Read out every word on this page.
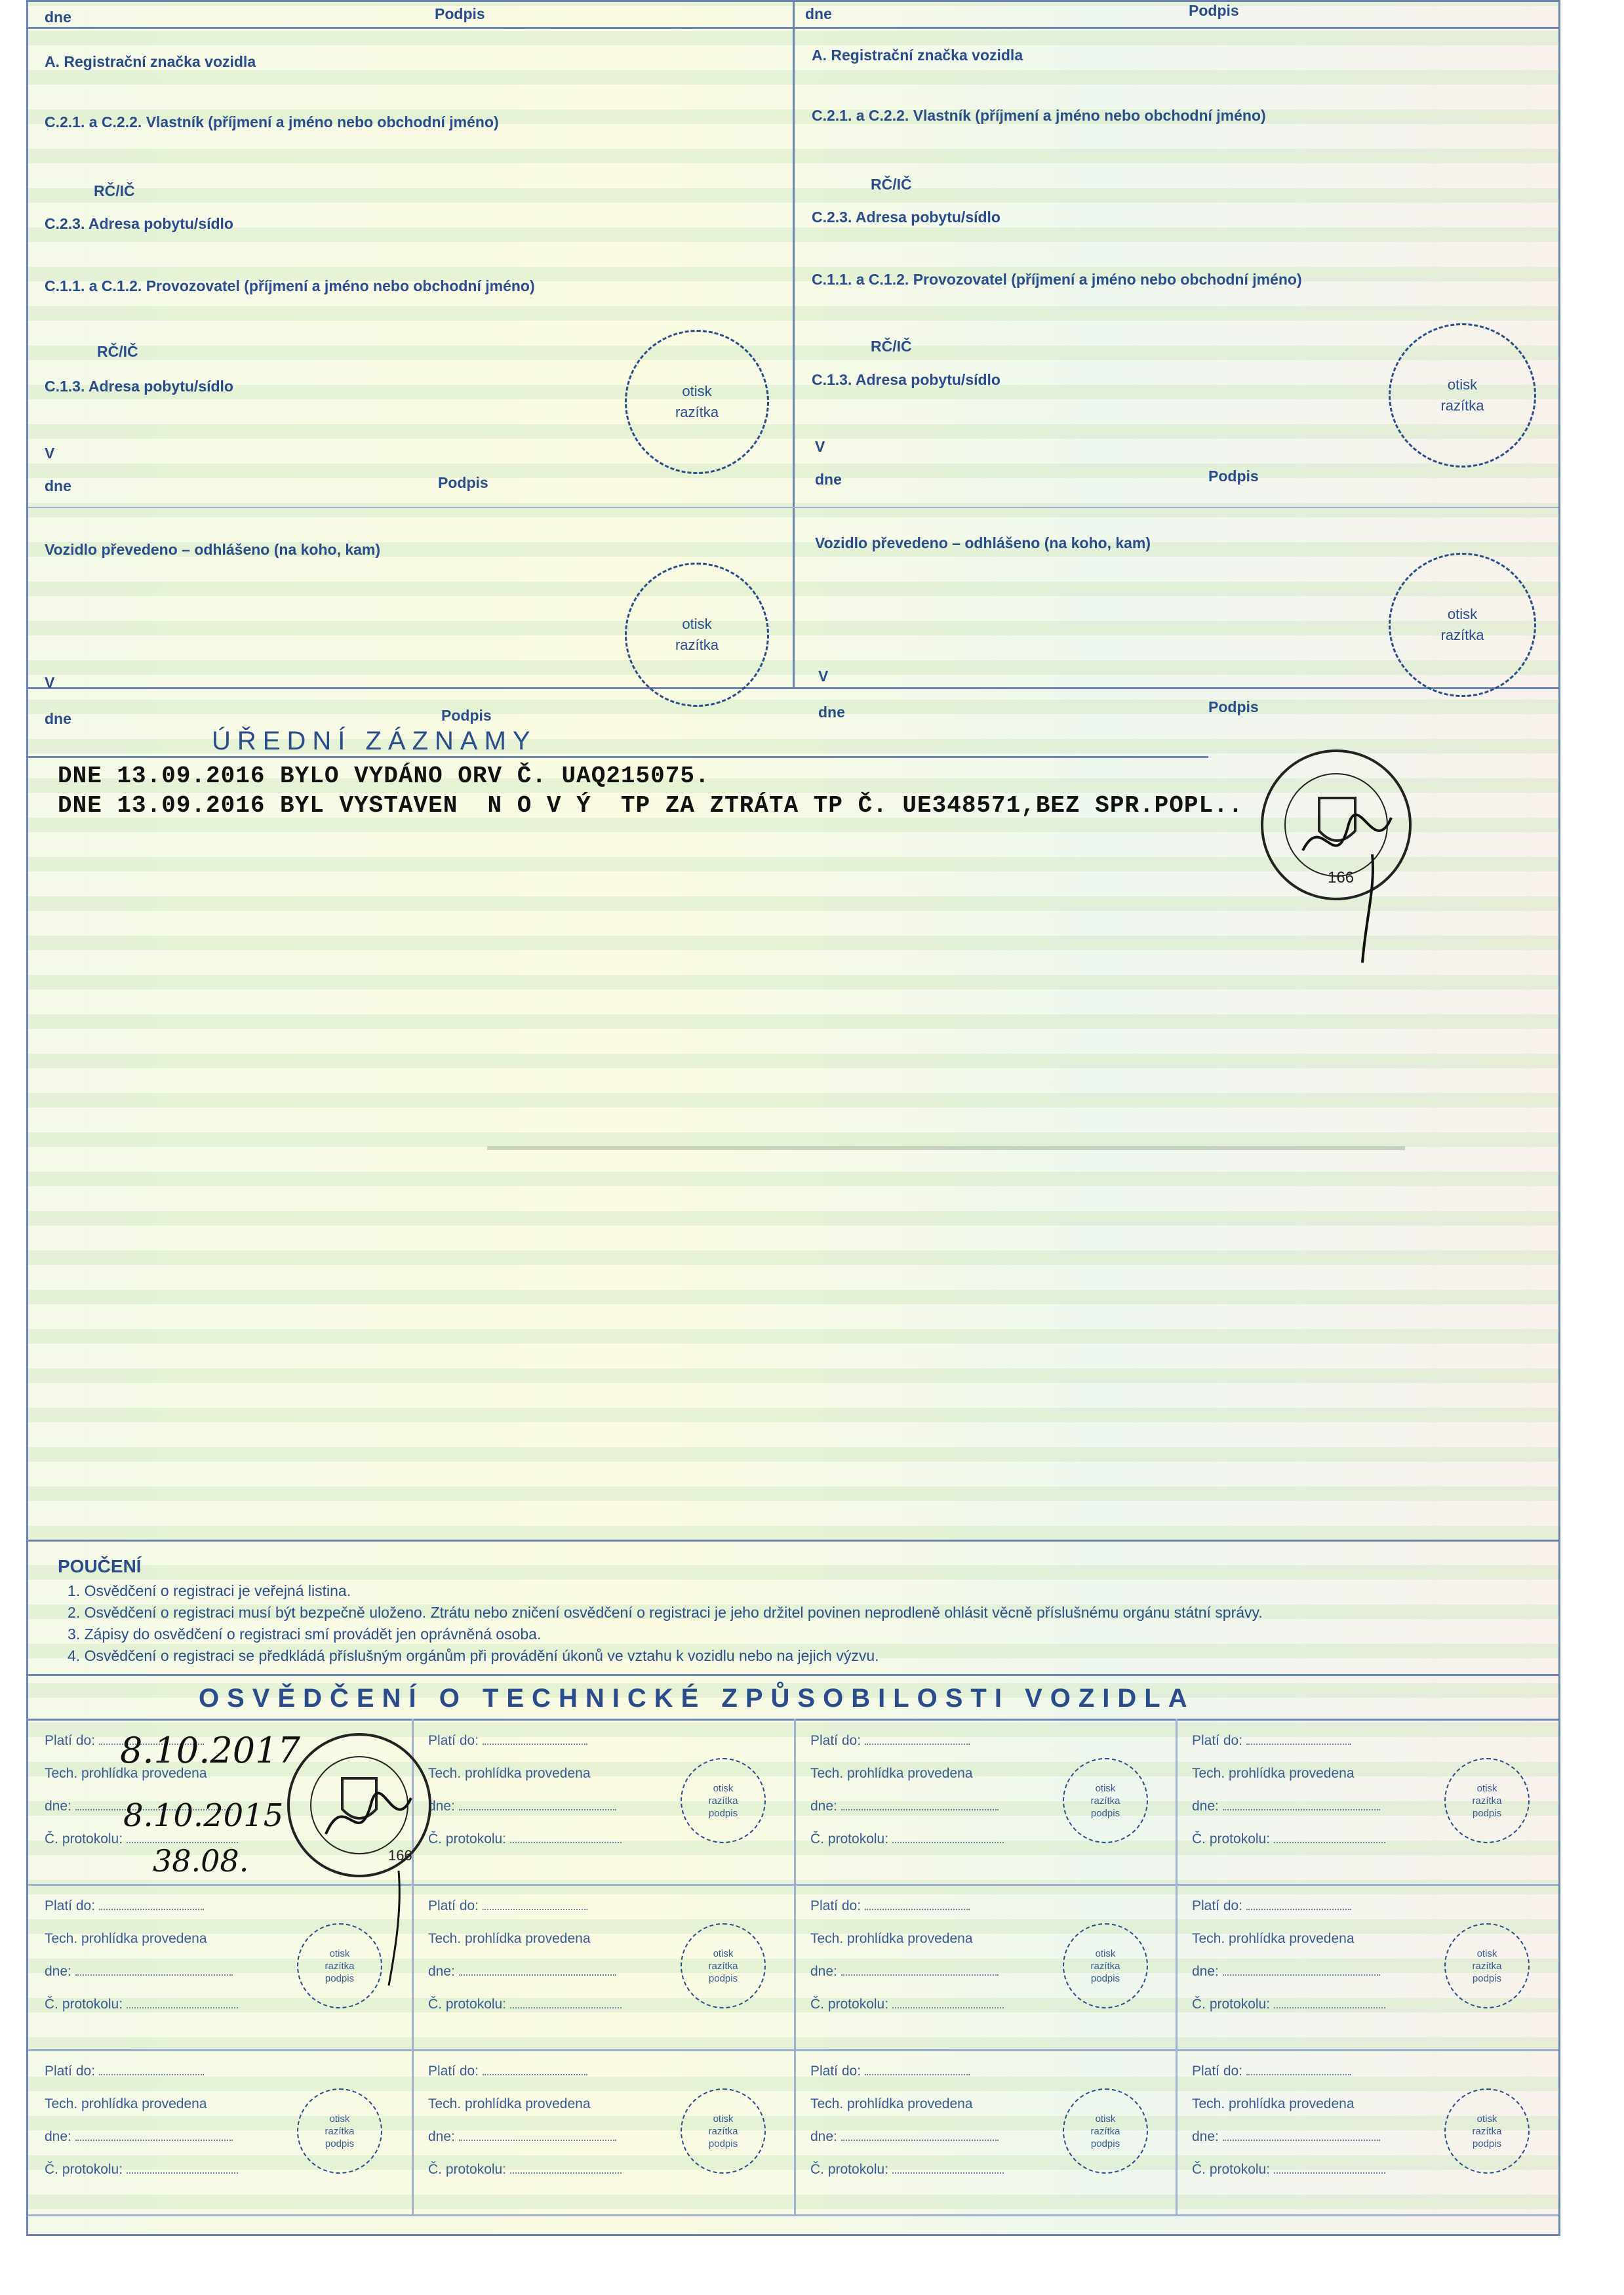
dne	Podpis	dne	Podpis
A. Registrační značka vozidla
C.2.1. a C.2.2. Vlastník (příjmení a jméno nebo obchodní jméno)
RČ/IČ
C.2.3. Adresa pobytu/sídlo
C.1.1. a C.1.2. Provozovatel (příjmení a jméno nebo obchodní jméno)
RČ/IČ
C.1.3. Adresa pobytu/sídlo
V
dne	Podpis
otisk
razítka
Vozidlo převedeno – odhlášeno (na koho, kam)
V
dne	Podpis
otisk
razítka
A. Registrační značka vozidla
C.2.1. a C.2.2. Vlastník (příjmení a jméno nebo obchodní jméno)
RČ/IČ
C.2.3. Adresa pobytu/sídlo
C.1.1. a C.1.2. Provozovatel (příjmení a jméno nebo obchodní jméno)
RČ/IČ
C.1.3. Adresa pobytu/sídlo
V
dne	Podpis
otisk
razítka
Vozidlo převedeno – odhlášeno (na koho, kam)
V
dne	Podpis
otisk
razítka
ÚŘEDNÍ ZÁZNAMY
DNE 13.09.2016 BYLO VYDÁNO ORV Č. UAQ215075.
DNE 13.09.2016 BYL VYSTAVEN  N O V Ý  TP ZA ZTRÁTA TP Č. UE348571,BEZ SPR.POPL..
166
POUČENÍ
1. Osvědčení o registraci je veřejná listina.
2. Osvědčení o registraci musí být bezpečně uloženo. Ztrátu nebo zničení osvědčení o registraci je jeho držitel povinen neprodleně ohlásit věcně příslušnému orgánu státní správy.
3. Zápisy do osvědčení o registraci smí provádět jen oprávněná osoba.
4. Osvědčení o registraci se předkládá příslušným orgánům při provádění úkonů ve vztahu k vozidlu nebo na jejich výzvu.
OSVĚDČENÍ O TECHNICKÉ ZPŮSOBILOSTI VOZIDLA
Platí do:
Tech. prohlídka provedena
dne:
Č. protokolu:
Platí do:
Tech. prohlídka provedena
dne:
Č. protokolu:
otisk
razítka
podpis
Platí do:
Tech. prohlídka provedena
dne:
Č. protokolu:
otisk
razítka
podpis
Platí do:
Tech. prohlídka provedena
dne:
Č. protokolu:
otisk
razítka
podpis
Platí do:
Tech. prohlídka provedena
dne:
Č. protokolu:
otisk
razítka
podpis
Platí do:
Tech. prohlídka provedena
dne:
Č. protokolu:
otisk
razítka
podpis
Platí do:
Tech. prohlídka provedena
dne:
Č. protokolu:
otisk
razítka
podpis
Platí do:
Tech. prohlídka provedena
dne:
Č. protokolu:
otisk
razítka
podpis
Platí do:
Tech. prohlídka provedena
dne:
Č. protokolu:
otisk
razítka
podpis
Platí do:
Tech. prohlídka provedena
dne:
Č. protokolu:
otisk
razítka
podpis
Platí do:
Tech. prohlídka provedena
dne:
Č. protokolu:
otisk
razítka
podpis
Platí do:
Tech. prohlídka provedena
dne:
Č. protokolu:
otisk
razítka
podpis
8.10.2017
8.10.2015
38.08.	166
